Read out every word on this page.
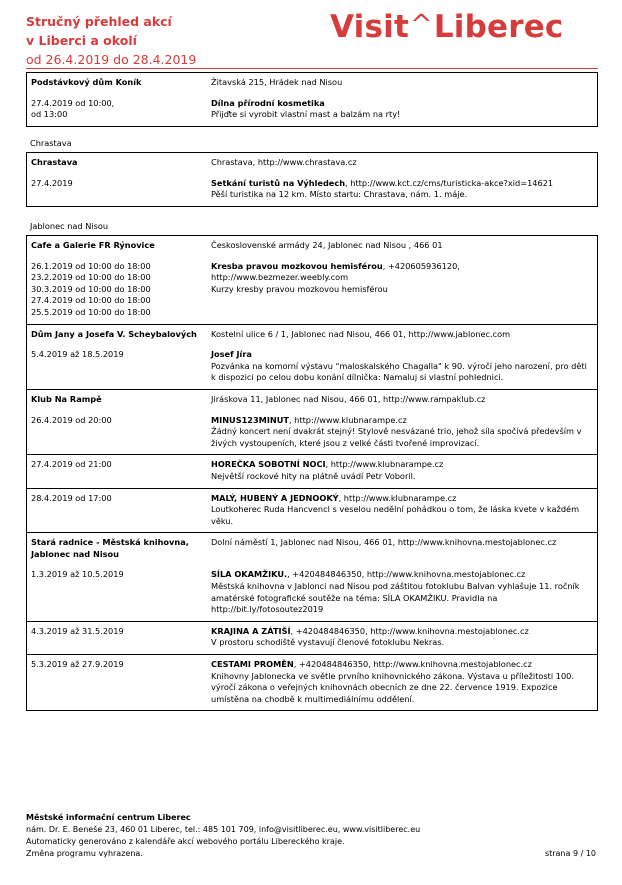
Stručný přehled akcí
v Liberci a okolí
od 26.4.2019 do 28.4.2019
Visit^Liberec
Podstávkový dům Koník	Žitavská 215, Hrádek nad Nisou
27.4.2019 od 10:00,
od 13:00	Dílna přírodní kosmetika
Přijďte si vyrobit vlastní mast a balzám na rty!
Chrastava
Chrastava	Chrastava, http://www.chrastava.cz
27.4.2019	Setkání turistů na Výhledech, http://www.kct.cz/cms/turisticka-akce?xid=14621
Pěší turistika na 12 km. Místo startu: Chrastava, nám. 1. máje.
Jablonec nad Nisou
Cafe a Galerie FR Rýnovice	Československé armády 24, Jablonec nad Nisou , 466 01
26.1.2019 od 10:00 do 18:00
23.2.2019 od 10:00 do 18:00
30.3.2019 od 10:00 do 18:00
27.4.2019 od 10:00 do 18:00
25.5.2019 od 10:00 do 18:00	Kresba pravou mozkovou hemisférou, +420605936120,
http://www.bezmezer.weebly.com
Kurzy kresby pravou mozkovou hemisférou

Dům Jany a Josefa V. Scheybalových	Kostelní ulice 6 / 1, Jablonec nad Nisou, 466 01, http://www.jablonec.com
5.4.2019 až 18.5.2019	Josef Jíra
Pozvánka na komorní výstavu "maloskalského Chagalla" k 90. výročí jeho narození, pro děti k dispozici po celou dobu konání dílnička: Namaluj si vlastní pohlednici.

Klub Na Rampě	Jiráskova 11, Jablonec nad Nisou, 466 01, http://www.rampaklub.cz
26.4.2019 od 20:00	MINUS123MINUT, http://www.klubnarampe.cz
Žádný koncert není dvakrát stejný! Stylově nesvázané trio, jehož síla spočívá především v živých vystoupeních, které jsou z velké části tvořené improvizací.

27.4.2019 od 21:00	HOREČKA SOBOTNÍ NOCI, http://www.klubnarampe.cz
Největší rockové hity na plátně uvádí Petr Voboril.

28.4.2019 od 17:00	MALÝ, HUBENÝ A JEDNOOKÝ, http://www.klubnarampe.cz
Loutkoherec Ruda Hancvencl s veselou nedělní pohádkou o tom, že láska kvete v každém věku.

Stará radnice - Městská knihovna, Jablonec nad Nisou	Dolní náměstí 1, Jablonec nad Nisou, 466 01, http://www.knihovna.mestojablonec.cz
1.3.2019 až 10.5.2019	SÍLA OKAMŽIKU., +420484846350, http://www.knihovna.mestojablonec.cz
Městská knihovna v Jablonci nad Nisou pod záštitou fotoklubu Balvan vyhlašuje 11. ročník amatérské fotografické soutěže na téma: SÍLA OKAMŽIKU. Pravidla na http://bit.ly/fotosoutez2019

4.3.2019 až 31.5.2019	KRAJINA A ZÁTIŠÍ, +420484846350, http://www.knihovna.mestojablonec.cz
V prostoru schodiště vystavují členové fotoklubu Nekras.

5.3.2019 až 27.9.2019	CESTAMI PROMĚN, +420484846350, http://www.knihovna.mestojablonec.cz
Knihovny Jablonecka ve světle prvního knihovnického zákona. Výstava u příležitosti 100. výročí zákona o veřejných knihovnách obecních ze dne 22. července 1919. Expozice umístěna na chodbě k multimediálnímu oddělení.
Městské informační centrum Liberec
nám. Dr. E. Beneše 23, 460 01 Liberec, tel.: 485 101 709, info@visitliberec.eu, www.visitliberec.eu
Automaticky generováno z kalendáře akcí webového portálu Libereckého kraje.
Změna programu vyhrazena.	strana 9 / 10
